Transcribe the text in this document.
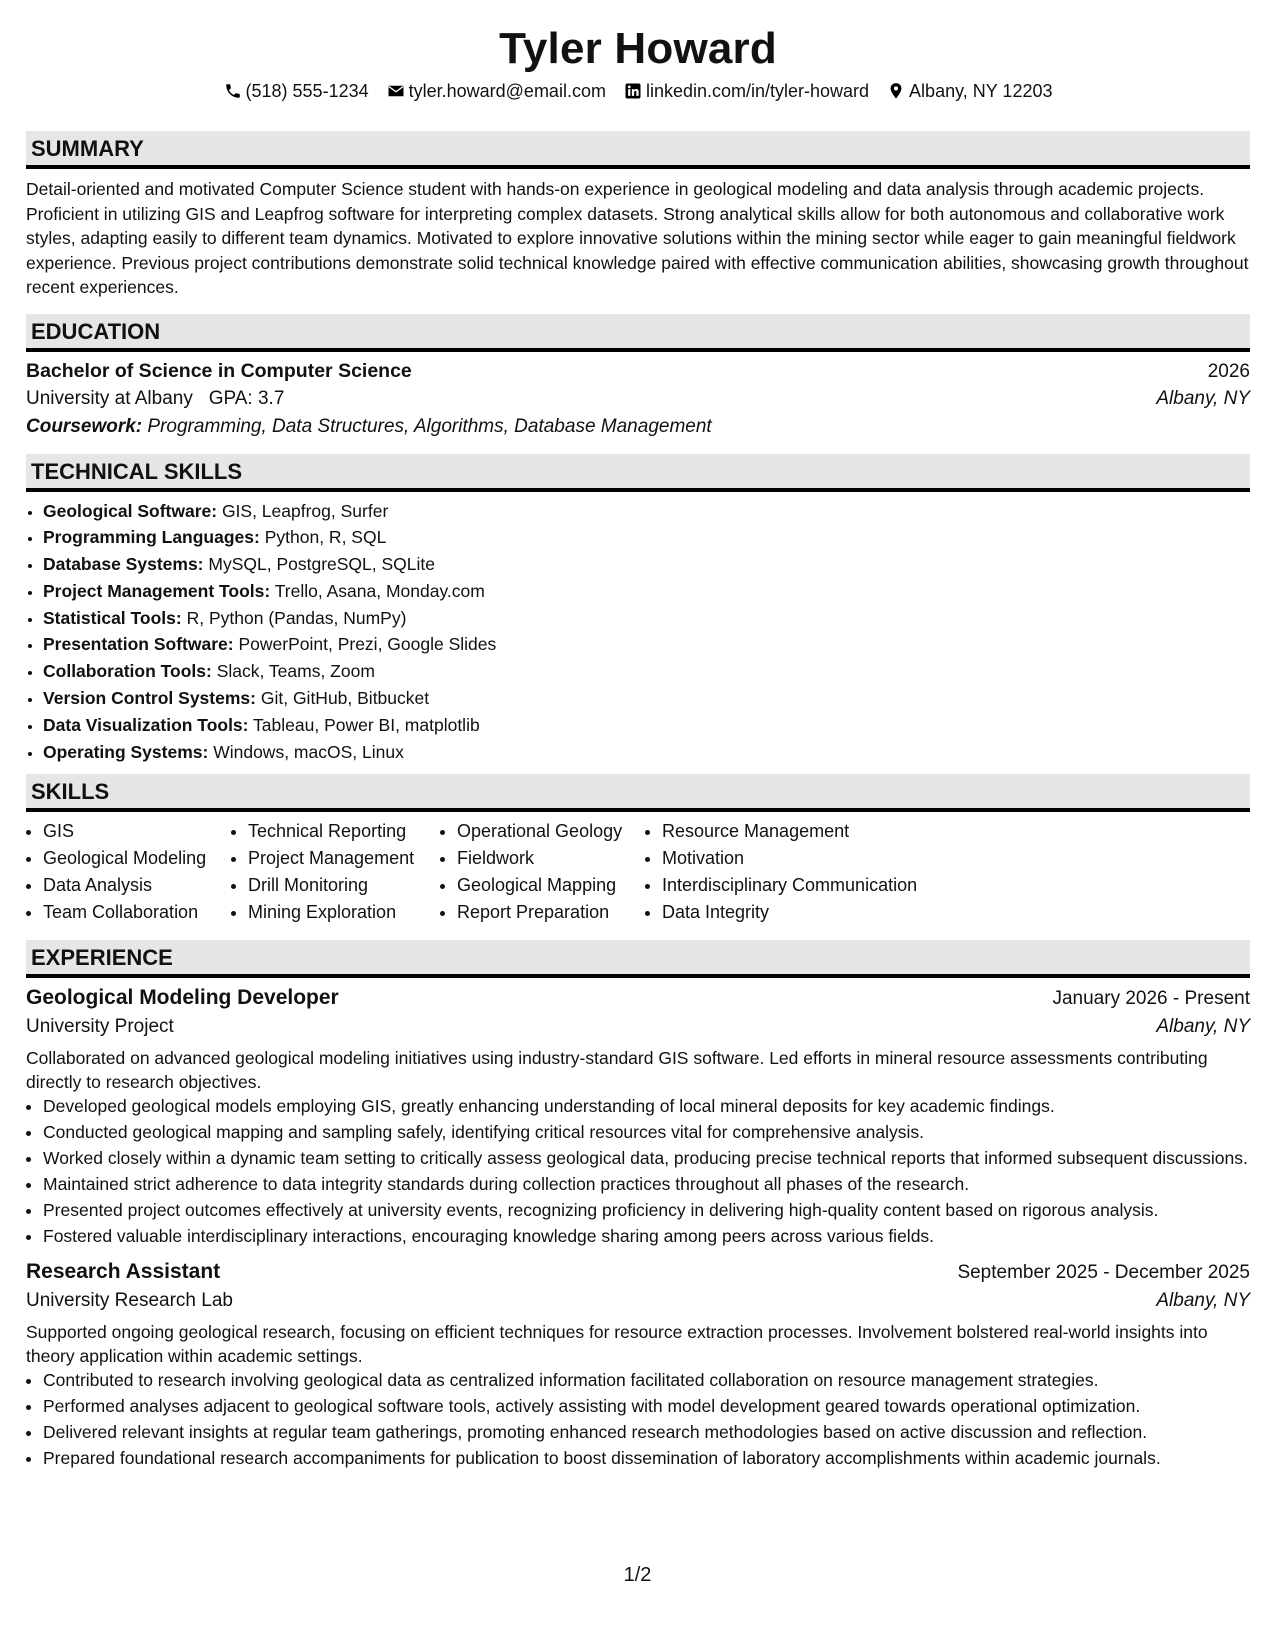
Tyler Howard
(518) 555-1234 tyler.howard@email.com linkedin.com/in/tyler-howard Albany, NY 12203
SUMMARY
Detail-oriented and motivated Computer Science student with hands-on experience in geological modeling and data analysis through academic projects. Proficient in utilizing GIS and Leapfrog software for interpreting complex datasets. Strong analytical skills allow for both autonomous and collaborative work styles, adapting easily to different team dynamics. Motivated to explore innovative solutions within the mining sector while eager to gain meaningful fieldwork experience. Previous project contributions demonstrate solid technical knowledge paired with effective communication abilities, showcasing growth throughout recent experiences.
EDUCATION
Bachelor of Science in Computer Science	2026
University at Albany GPA: 3.7	Albany, NY
Coursework: Programming, Data Structures, Algorithms, Database Management
TECHNICAL SKILLS
• Geological Software: GIS, Leapfrog, Surfer
• Programming Languages: Python, R, SQL
• Database Systems: MySQL, PostgreSQL, SQLite
• Project Management Tools: Trello, Asana, Monday.com
• Statistical Tools: R, Python (Pandas, NumPy)
• Presentation Software: PowerPoint, Prezi, Google Slides
• Collaboration Tools: Slack, Teams, Zoom
• Version Control Systems: Git, GitHub, Bitbucket
• Data Visualization Tools: Tableau, Power BI, matplotlib
• Operating Systems: Windows, macOS, Linux
SKILLS
• GIS
• Geological Modeling
• Data Analysis
• Team Collaboration
• Technical Reporting
• Project Management
• Drill Monitoring
• Mining Exploration
• Operational Geology
• Fieldwork
• Geological Mapping
• Report Preparation
• Resource Management
• Motivation
• Interdisciplinary Communication
• Data Integrity
EXPERIENCE
Geological Modeling Developer	January 2026 - Present
University Project	Albany, NY
Collaborated on advanced geological modeling initiatives using industry-standard GIS software. Led efforts in mineral resource assessments contributing directly to research objectives.
• Developed geological models employing GIS, greatly enhancing understanding of local mineral deposits for key academic findings.
• Conducted geological mapping and sampling safely, identifying critical resources vital for comprehensive analysis.
• Worked closely within a dynamic team setting to critically assess geological data, producing precise technical reports that informed subsequent discussions.
• Maintained strict adherence to data integrity standards during collection practices throughout all phases of the research.
• Presented project outcomes effectively at university events, recognizing proficiency in delivering high-quality content based on rigorous analysis.
• Fostered valuable interdisciplinary interactions, encouraging knowledge sharing among peers across various fields.
Research Assistant	September 2025 - December 2025
University Research Lab	Albany, NY
Supported ongoing geological research, focusing on efficient techniques for resource extraction processes. Involvement bolstered real-world insights into theory application within academic settings.
• Contributed to research involving geological data as centralized information facilitated collaboration on resource management strategies.
• Performed analyses adjacent to geological software tools, actively assisting with model development geared towards operational optimization.
• Delivered relevant insights at regular team gatherings, promoting enhanced research methodologies based on active discussion and reflection.
• Prepared foundational research accompaniments for publication to boost dissemination of laboratory accomplishments within academic journals.
1/2
